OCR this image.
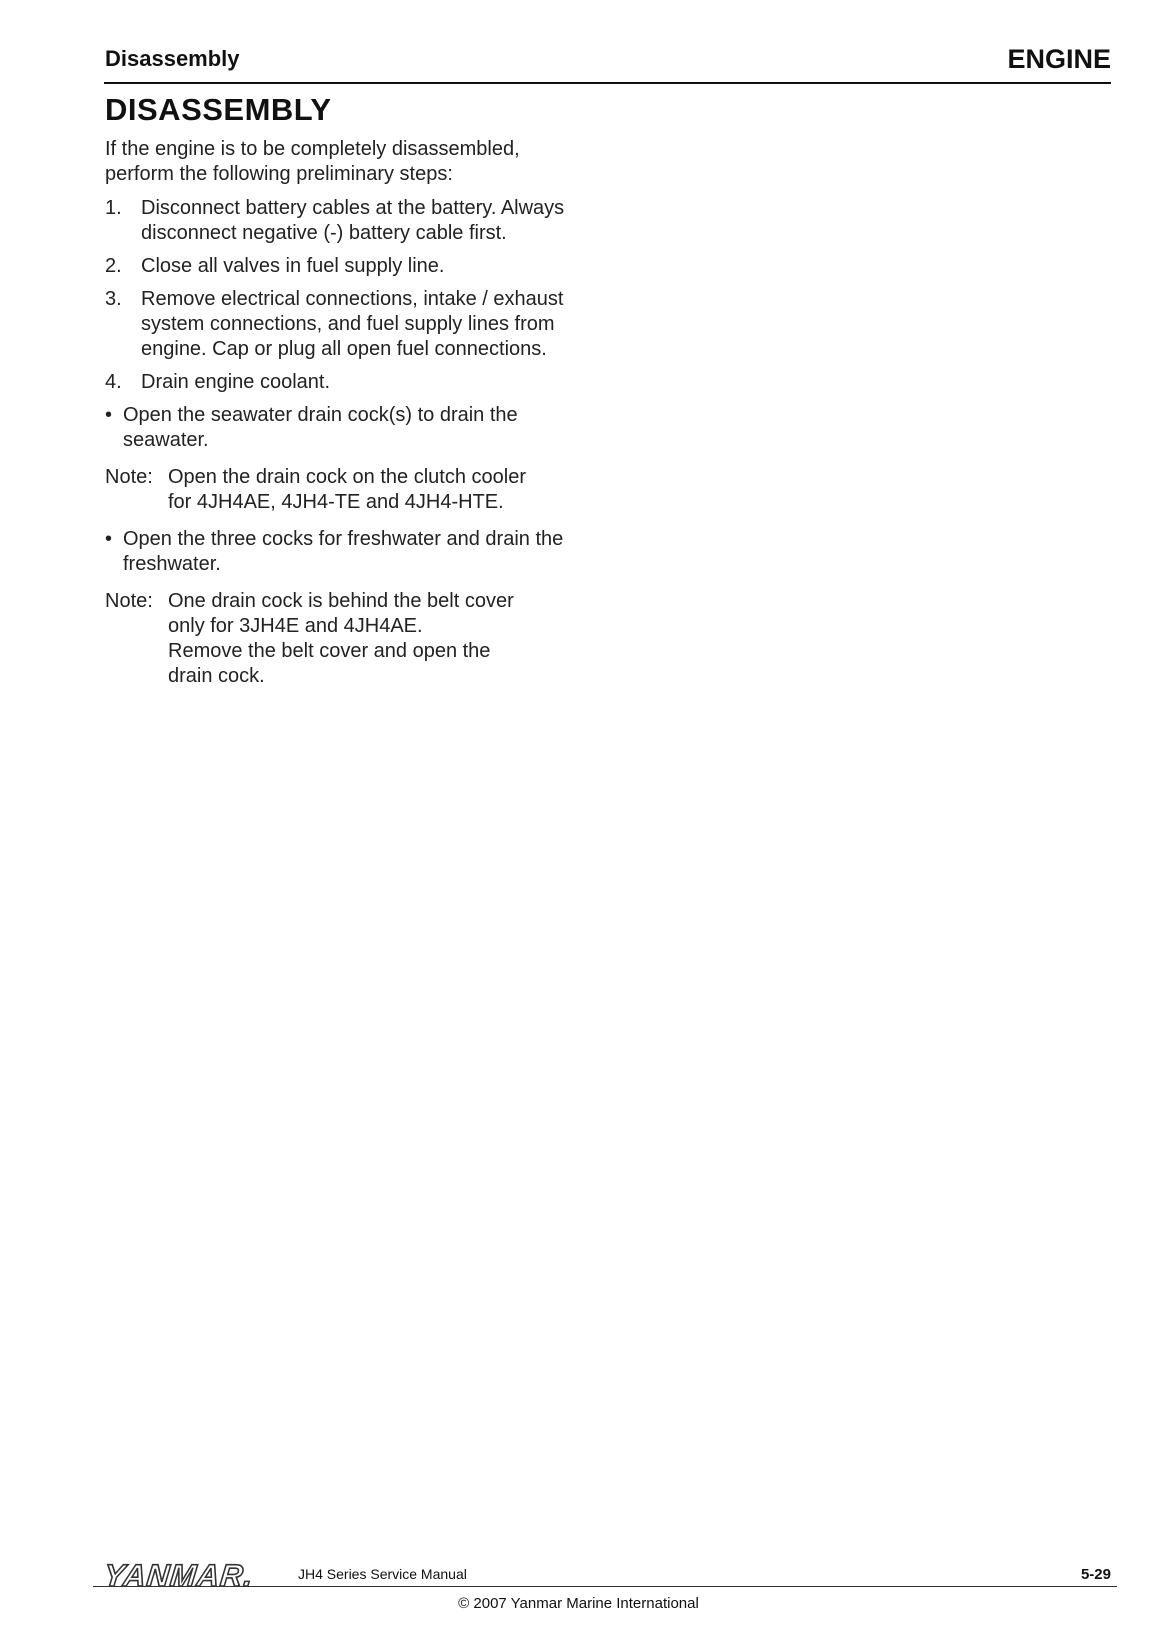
Disassembly	ENGINE
DISASSEMBLY

If the engine is to be completely disassembled,
perform the following preliminary steps:

1. Disconnect battery cables at the battery. Always
disconnect negative (-) battery cable first.
2. Close all valves in fuel supply line.
3. Remove electrical connections, intake / exhaust
system connections, and fuel supply lines from
engine. Cap or plug all open fuel connections.
4. Drain engine coolant.
• Open the seawater drain cock(s) to drain the
seawater.
Note: Open the drain cock on the clutch cooler
for 4JH4AE, 4JH4-TE and 4JH4-HTE.
• Open the three cocks for freshwater and drain the
freshwater.
Note: One drain cock is behind the belt cover
only for 3JH4E and 4JH4AE.
Remove the belt cover and open the
drain cock.
YANMAR.	JH4 Series Service Manual	5-29
© 2007 Yanmar Marine International
